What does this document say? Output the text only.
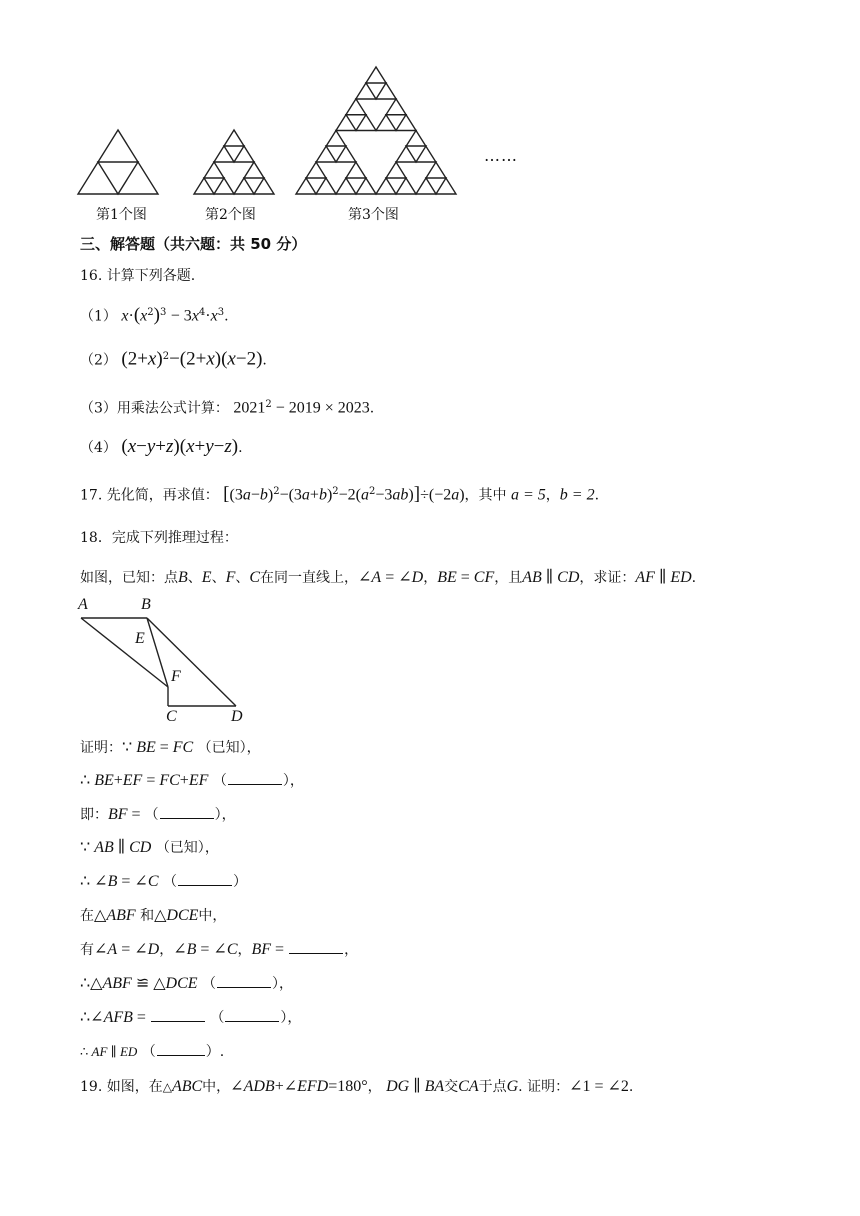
……
第1个图	第2个图	第3个图
三、解答题（共六题：共 50 分）
16. 计算下列各题.
（1） $x\cdot(x^2)^3 - 3x^4\cdot x^3$.
（2） $(2+x)^2-(2+x)(x-2)$.
（3）用乘法公式计算： $2021^2 - 2019 \times 2023$.
（4） (x−y+z)(x+y−z).
17. 先化简，再求值： $[(3a-b)^2-(3a+b)^2-2(a^2-3ab)]\div(-2a)$，其中 a = 5，b = 2.
18．完成下列推理过程：
如图，已知：点B、E、F、C在同一直线上，∠A = ∠D，BE = CF，且AB ∥ CD，求证：AF ∥ ED.
A	B
E
F
C	D
证明：∵ BE = FC （已知），
∴ BE+EF = FC+EF （	），
即：BF = （	），
∵ AB ∥ CD （已知），
∴ ∠B = ∠C （	）
在△ABF 和△DCE中，
有∠A = ∠D，∠B = ∠C，BF =	，
∴△ABF ≌ △DCE （	），
∴∠AFB =	（	），
∴ AF ∥ ED （	）.
19. 如图，在△ABC中，∠ADB+∠EFD=180°， DG ∥ BA交CA于点G. 证明：∠1 = ∠2.
